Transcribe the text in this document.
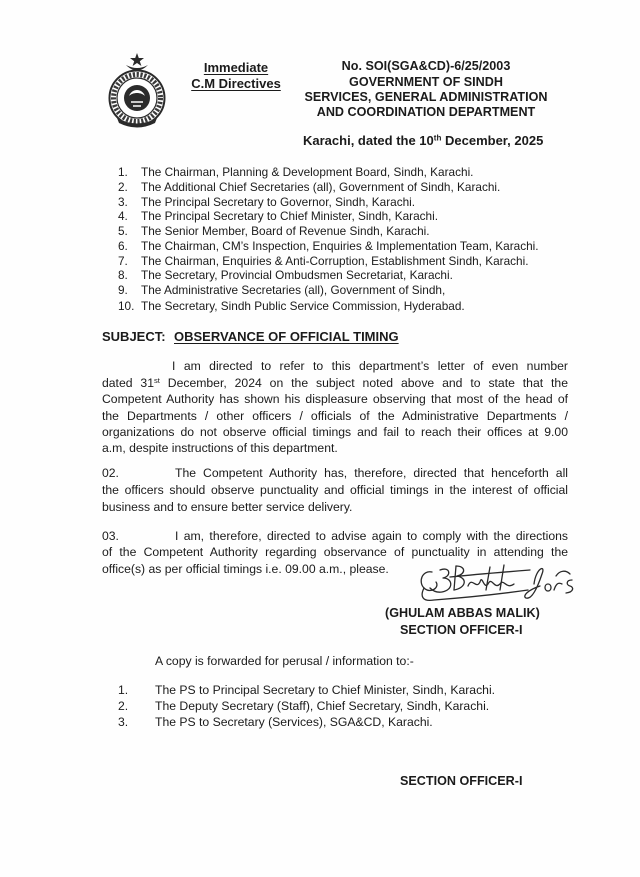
Immediate
C.M Directives
No. SOI(SGA&CD)-6/25/2003
GOVERNMENT OF SINDH
SERVICES, GENERAL ADMINISTRATION
AND COORDINATION DEPARTMENT
Karachi, dated the 10th December, 2025
1. The Chairman, Planning & Development Board, Sindh, Karachi.
2. The Additional Chief Secretaries (all), Government of Sindh, Karachi.
3. The Principal Secretary to Governor, Sindh, Karachi.
4. The Principal Secretary to Chief Minister, Sindh, Karachi.
5. The Senior Member, Board of Revenue Sindh, Karachi.
6. The Chairman, CM’s Inspection, Enquiries & Implementation Team, Karachi.
7. The Chairman, Enquiries & Anti-Corruption, Establishment Sindh, Karachi.
8. The Secretary, Provincial Ombudsmen Secretariat, Karachi.
9. The Administrative Secretaries (all), Government of Sindh,
10. The Secretary, Sindh Public Service Commission, Hyderabad.
SUBJECT: OBSERVANCE OF OFFICIAL TIMING
I am directed to refer to this department’s letter of even number
dated 31st December, 2024 on the subject noted above and to state that the
Competent Authority has shown his displeasure observing that most of the head of
the Departments / other officers / officials of the Administrative Departments /
organizations do not observe official timings and fail to reach their offices at 9.00
a.m, despite instructions of this department.
02.	The Competent Authority has, therefore, directed that henceforth all
the officers should observe punctuality and official timings in the interest of official
business and to ensure better service delivery.
03.	I am, therefore, directed to advise again to comply with the directions
of the Competent Authority regarding observance of punctuality in attending the
office(s) as per official timings i.e. 09.00 a.m., please.
(GHULAM ABBAS MALIK)
SECTION OFFICER-I
A copy is forwarded for perusal / information to:-
1. The PS to Principal Secretary to Chief Minister, Sindh, Karachi.
2. The Deputy Secretary (Staff), Chief Secretary, Sindh, Karachi.
3. The PS to Secretary (Services), SGA&CD, Karachi.
SECTION OFFICER-I
